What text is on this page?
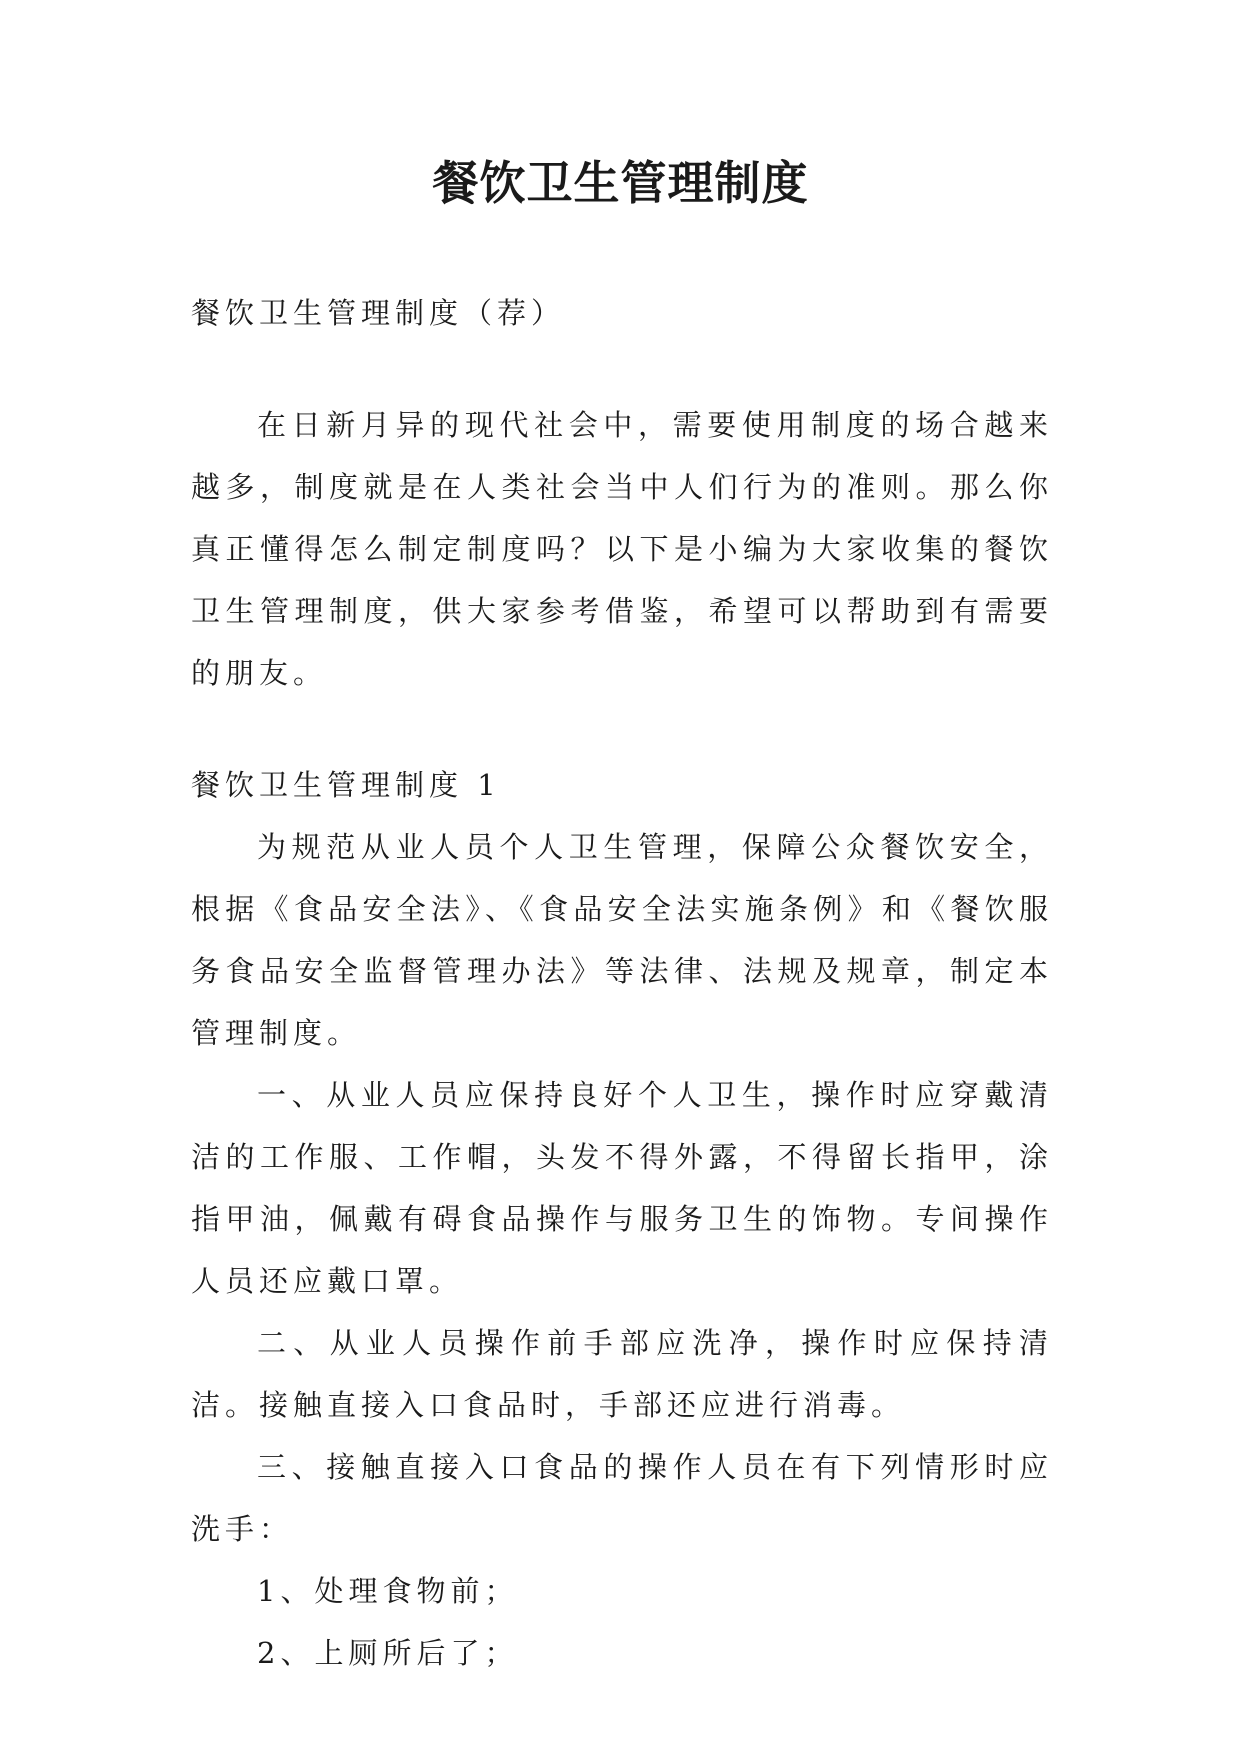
餐饮卫生管理制度

餐饮卫生管理制度（荐）

在日新月异的现代社会中，需要使用制度的场合越来越多，制度就是在人类社会当中人们行为的准则。那么你真正懂得怎么制定制度吗？以下是小编为大家收集的餐饮卫生管理制度，供大家参考借鉴，希望可以帮助到有需要的朋友。

餐饮卫生管理制度 1

为规范从业人员个人卫生管理，保障公众餐饮安全，根据《食品安全法》、《食品安全法实施条例》和《餐饮服务食品安全监督管理办法》等法律、法规及规章，制定本管理制度。

一、从业人员应保持良好个人卫生，操作时应穿戴清洁的工作服、工作帽，头发不得外露，不得留长指甲，涂指甲油，佩戴有碍食品操作与服务卫生的饰物。专间操作人员还应戴口罩。

二、从业人员操作前手部应洗净，操作时应保持清洁。接触直接入口食品时，手部还应进行消毒。

三、接触直接入口食品的操作人员在有下列情形时应洗手：

1、处理食物前；

2、上厕所后了；
